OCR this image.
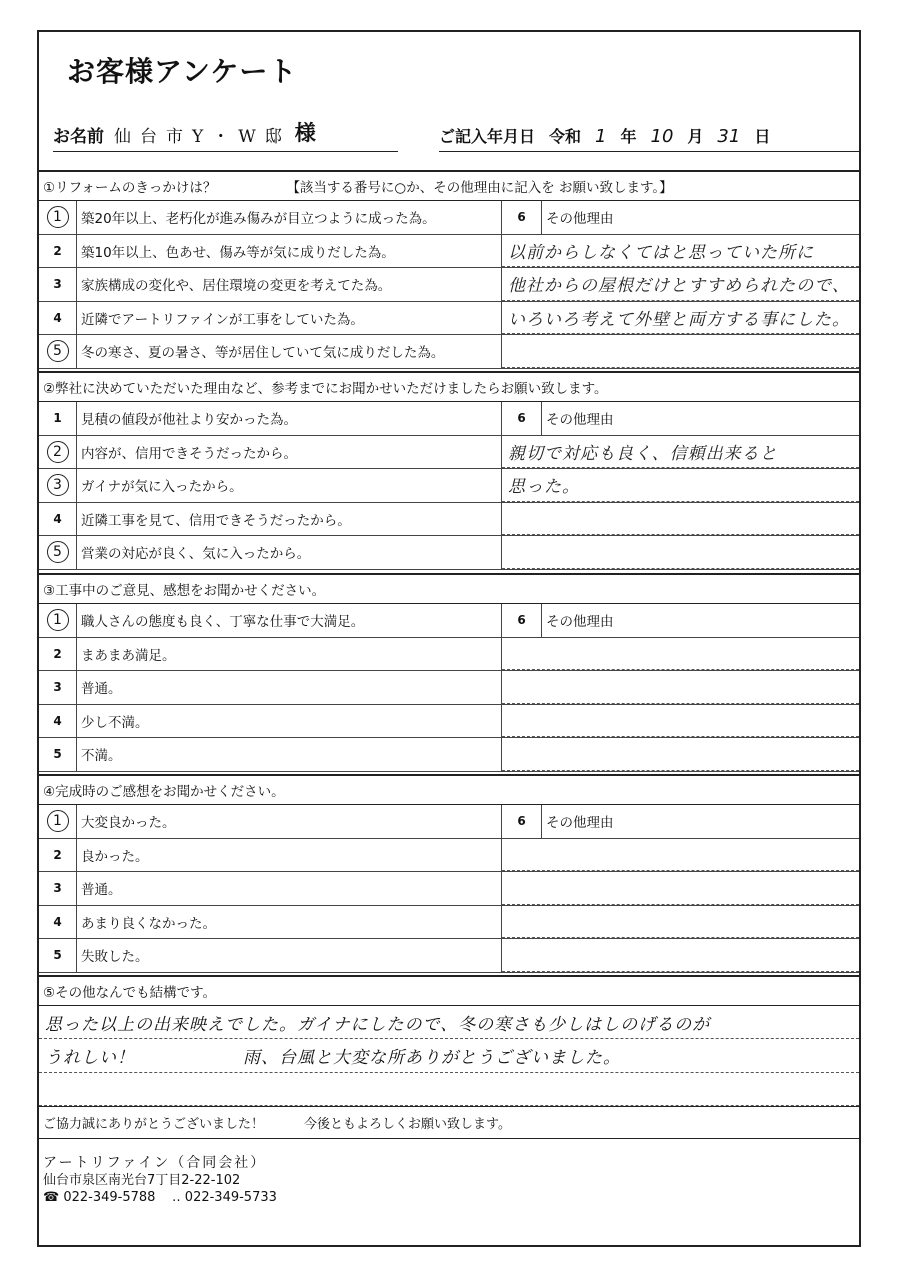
お客様アンケート
お名前 仙台市Y・W邸 様	ご記入年月日 令和 1 年 10 月 31 日
①リフォームのきっかけは？	【該当する番号に○か、その他理由に記入を お願い致します。】
1	築20年以上、老朽化が進み傷みが目立つように成った為。	6	その他理由
2	築10年以上、色あせ、傷み等が気に成りだした為。	以前からしなくてはと思っていた所に
3	家族構成の変化や、居住環境の変更を考えてた為。	他社からの屋根だけとすすめられたので、
4	近隣でアートリファインが工事をしていた為。	いろいろ考えて外壁と両方する事にした。
5	冬の寒さ、夏の暑さ、等が居住していて気に成りだした為。
②弊社に決めていただいた理由など、参考までにお聞かせいただけましたらお願い致します。
1	見積の値段が他社より安かった為。	6	その他理由
2	内容が、信用できそうだったから。	親切で対応も良く、信頼出来ると
3	ガイナが気に入ったから。	思った。
4	近隣工事を見て、信用できそうだったから。
5	営業の対応が良く、気に入ったから。
③工事中のご意見、感想をお聞かせください。
1	職人さんの態度も良く、丁寧な仕事で大満足。	6	その他理由
2	まあまあ満足。
3	普通。
4	少し不満。
5	不満。
④完成時のご感想をお聞かせください。
1	大変良かった。	6	その他理由
2	良かった。
3	普通。
4	あまり良くなかった。
5	失敗した。
⑤その他なんでも結構です。
思った以上の出来映えでした。ガイナにしたので、冬の寒さも少しはしのげるのが
うれしい！　　　　　　雨、台風と大変な所ありがとうございました。
ご協力誠にありがとうございました！	今後ともよろしくお願い致します。
アートリファイン（合同会社）
仙台市泉区南光台7丁目2-22-102
☎ 022-349-5788 ‥ 022-349-5733
